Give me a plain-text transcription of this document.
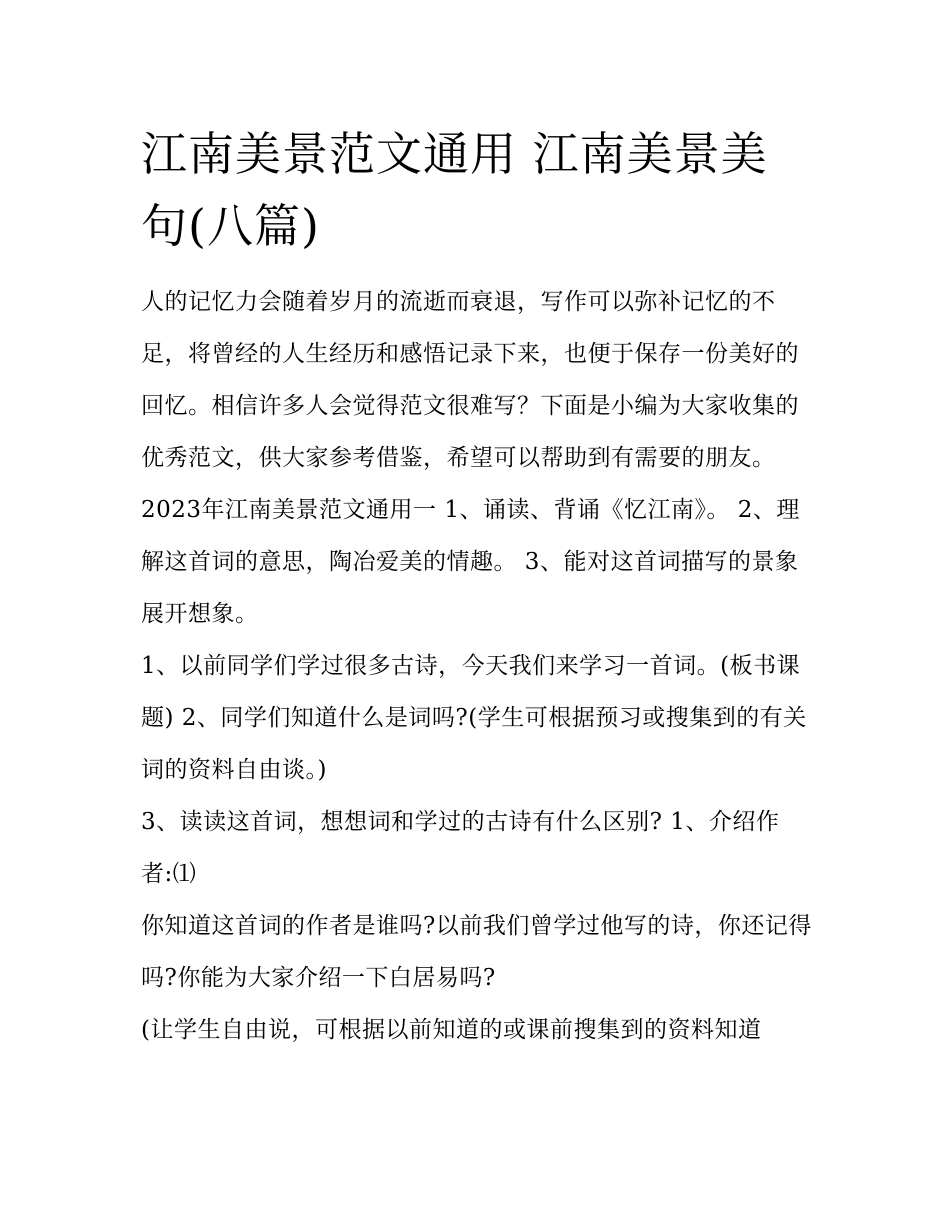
江南美景范文通用 江南美景美句(八篇)

人的记忆力会随着岁月的流逝而衰退，写作可以弥补记忆的不足，将曾经的人生经历和感悟记录下来，也便于保存一份美好的回忆。相信许多人会觉得范文很难写？下面是小编为大家收集的优秀范文，供大家参考借鉴，希望可以帮助到有需要的朋友。

2023年江南美景范文通用一 1、诵读、背诵《忆江南》。 2、理解这首词的意思，陶冶爱美的情趣。 3、能对这首词描写的景象展开想象。

1、以前同学们学过很多古诗，今天我们来学习一首词。(板书课题) 2、同学们知道什么是词吗?(学生可根据预习或搜集到的有关词的资料自由谈。)

3、读读这首词，想想词和学过的古诗有什么区别? 1、介绍作者:⑴

你知道这首词的作者是谁吗?以前我们曾学过他写的诗，你还记得吗?你能为大家介绍一下白居易吗?

(让学生自由说，可根据以前知道的或课前搜集到的资料知道
